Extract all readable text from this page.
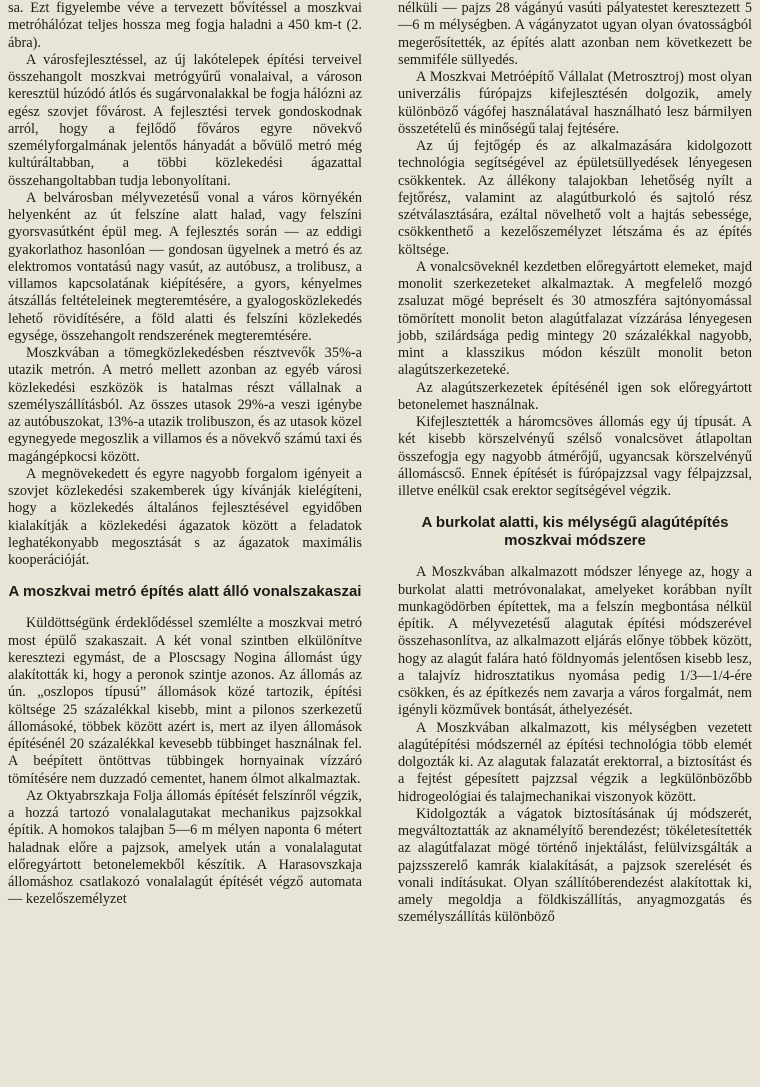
sa. Ezt figyelembe véve a tervezett bővítéssel a moszkvai metróhálózat teljes hossza meg fogja haladni a 450 km-t (2. ábra).

A városfejlesztéssel, az új lakótelepek építési terveivel összehangolt moszkvai metrógyűrű vonalaival, a városon keresztül húzódó átlós és sugárvonalakkal be fogja hálózni az egész szovjet fővárost. A fejlesztési tervek gondoskodnak arról, hogy a fejlődő főváros egyre növekvő személyforgalmának jelentős hányadát a bővülő metró még kultúráltabban, a többi közlekedési ágazattal összehangoltabban tudja lebonyolítani.

A belvárosban mélyvezetésű vonal a város környékén helyenként az út felszíne alatt halad, vagy felszíni gyorsvasútként épül meg. A fejlesztés során — az eddigi gyakorlathoz hasonlóan — gondosan ügyelnek a metró és az elektromos vontatású nagy vasút, az autóbusz, a trolibusz, a villamos kapcsolatának kiépítésére, a gyors, kényelmes átszállás feltételeinek megteremtésére, a gyalogosközlekedés lehető rövidítésére, a föld alatti és felszíni közlekedés egysége, összehangolt rendszerének megteremtésére.

Moszkvában a tömegközlekedésben résztvevők 35%-a utazik metrón. A metró mellett azonban az egyéb városi közlekedési eszközök is hatalmas részt vállalnak a személyszállításból. Az összes utasok 29%-a veszi igénybe az autóbuszokat, 13%-a utazik trolibuszon, és az utasok közel egynegyede megoszlik a villamos és a növekvő számú taxi és magángépkocsi között.

A megnövekedett és egyre nagyobb forgalom igényeit a szovjet közlekedési szakemberek úgy kívánják kielégíteni, hogy a közlekedés általános fejlesztésével egyidőben kialakítják a közlekedési ágazatok között a feladatok leghatékonyabb megosztását s az ágazatok maximális kooperációját.

A moszkvai metró építés alatt álló vonalszakaszai

Küldöttségünk érdeklődéssel szemlélte a moszkvai metró most épülő szakaszait. A két vonal szintben elkülönítve keresztezi egymást, de a Ploscsagy Nogina állomást úgy alakították ki, hogy a peronok szintje azonos. Az állomás az ún. „oszlopos típusú” állomások közé tartozik, építési költsége 25 százalékkal kisebb, mint a pilonos szerkezetű állomásoké, többek között azért is, mert az ilyen állomások építésénél 20 százalékkal kevesebb tübbinget használnak fel. A beépített öntöttvas tübbingek hornyainak vízzáró tömítésére nem duzzadó cementet, hanem ólmot alkalmaztak.

Az Oktyabrszkaja Folja állomás építését felszínről végzik, a hozzá tartozó vonalalagutakat mechanikus pajzsokkal építik. A homokos talajban 5—6 m mélyen naponta 6 métert haladnak előre a pajzsok, amelyek után a vonalalagutat előregyártott betonelemekből készítik. A Harasovszkaja állomáshoz csatlakozó vonalalagút építését végző automata — kezelőszemélyzet

nélküli — pajzs 28 vágányú vasúti pályatestet keresztezett 5—6 m mélységben. A vágányzatot ugyan olyan óvatosságból megerősítették, az építés alatt azonban nem következett be semmiféle süllyedés.

A Moszkvai Metróépítő Vállalat (Metrosztroj) most olyan univerzális fúrópajzs kifejlesztésén dolgozik, amely különböző vágófej használatával használható lesz bármilyen összetételű és minőségű talaj fejtésére.

Az új fejtőgép és az alkalmazására kidolgozott technológia segítségével az épületsüllyedések lényegesen csökkentek. Az állékony talajokban lehetőség nyílt a fejtőrész, valamint az alagútburkoló és sajtoló rész szétválasztására, ezáltal növelhető volt a hajtás sebessége, csökkenthető a kezelőszemélyzet létszáma és az építés költsége.

A vonalcsöveknél kezdetben előregyártott elemeket, majd monolit szerkezeteket alkalmaztak. A megfelelő mozgó zsaluzat mögé bepréselt és 30 atmoszféra sajtónyomással tömörített monolit beton alagútfalazat vízzárása lényegesen jobb, szilárdsága pedig mintegy 20 százalékkal nagyobb, mint a klasszikus módon készült monolit beton alagútszerkezeteké.

Az alagútszerkezetek építésénél igen sok előregyártott betonelemet használnak.

Kifejlesztették a háromcsöves állomás egy új típusát. A két kisebb körszelvényű szélső vonalcsövet átlapoltan összefogja egy nagyobb átmérőjű, ugyancsak körszelvényű állomáscső. Ennek építését is fúrópajzzsal vagy félpajzzsal, illetve enélkül csak erektor segítségével végzik.

A burkolat alatti, kis mélységű alagútépítés moszkvai módszere

A Moszkvában alkalmazott módszer lényege az, hogy a burkolat alatti metróvonalakat, amelyeket korábban nyílt munkagödörben építettek, ma a felszín megbontása nélkül építik. A mélyvezetésű alagutak építési módszerével összehasonlítva, az alkalmazott eljárás előnye többek között, hogy az alagút falára ható földnyomás jelentősen kisebb lesz, a talajvíz hidrosztatikus nyomása pedig 1/3—1/4-ére csökken, és az építkezés nem zavarja a város forgalmát, nem igényli közművek bontását, áthelyezését.

A Moszkvában alkalmazott, kis mélységben vezetett alagútépítési módszernél az építési technológia több elemét dolgozták ki. Az alagutak falazatát erektorral, a biztosítást és a fejtést gépesített pajzzsal végzik a legkülönbözőbb hidrogeológiai és talajmechanikai viszonyok között.

Kidolgozták a vágatok biztosításának új módszerét, megváltoztatták az aknamélyítő berendezést; tökéletesítették az alagútfalazat mögé történő injektálást, felülvizsgálták a pajzsszerelő kamrák kialakítását, a pajzsok szerelését és vonali indításukat. Olyan szállítóberendezést alakítottak ki, amely megoldja a földkiszállítás, anyagmozgatás és személyszállítás különböző
